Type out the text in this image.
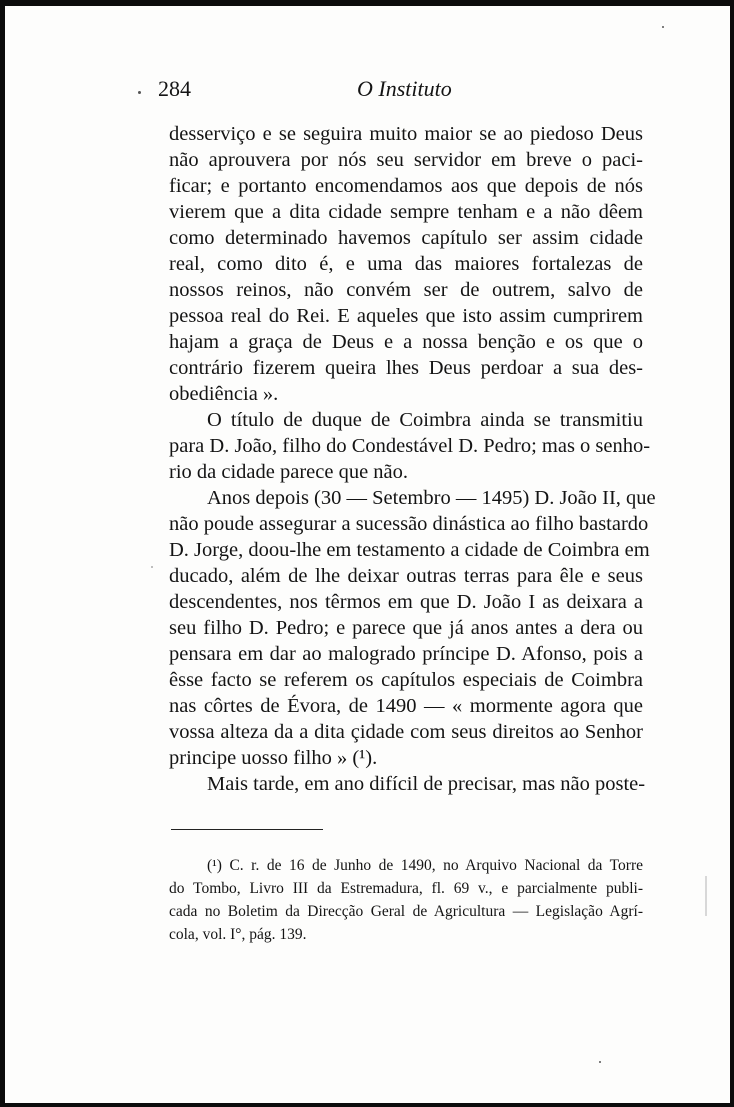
284	O Instituto
desserviço e se seguira muito maior se ao piedoso Deus
não aprouvera por nós seu servidor em breve o paci-
ficar; e portanto encomendamos aos que depois de nós
vierem que a dita cidade sempre tenham e a não dêem
como determinado havemos capítulo ser assim cidade
real, como dito é, e uma das maiores fortalezas de
nossos reinos, não convém ser de outrem, salvo de
pessoa real do Rei. E aqueles que isto assim cumprirem
hajam a graça de Deus e a nossa benção e os que o
contrário fizerem queira lhes Deus perdoar a sua des-
obediência ».
O título de duque de Coimbra ainda se transmitiu
para D. João, filho do Condestável D. Pedro; mas o senho-
rio da cidade parece que não.
Anos depois (30 — Setembro — 1495) D. João II, que
não poude assegurar a sucessão dinástica ao filho bastardo
D. Jorge, doou-lhe em testamento a cidade de Coimbra em
ducado, além de lhe deixar outras terras para êle e seus
descendentes, nos têrmos em que D. João I as deixara a
seu filho D. Pedro; e parece que já anos antes a dera ou
pensara em dar ao malogrado príncipe D. Afonso, pois a
êsse facto se referem os capítulos especiais de Coimbra
nas côrtes de Évora, de 1490 — « mormente agora que
vossa alteza da a dita çidade com seus direitos ao Senhor
principe uosso filho » (¹).
Mais tarde, em ano difícil de precisar, mas não poste-
(¹) C. r. de 16 de Junho de 1490, no Arquivo Nacional da Torre
do Tombo, Livro III da Estremadura, fl. 69 v., e parcialmente publi-
cada no Boletim da Direcção Geral de Agricultura — Legislação Agrí-
cola, vol. I°, pág. 139.
